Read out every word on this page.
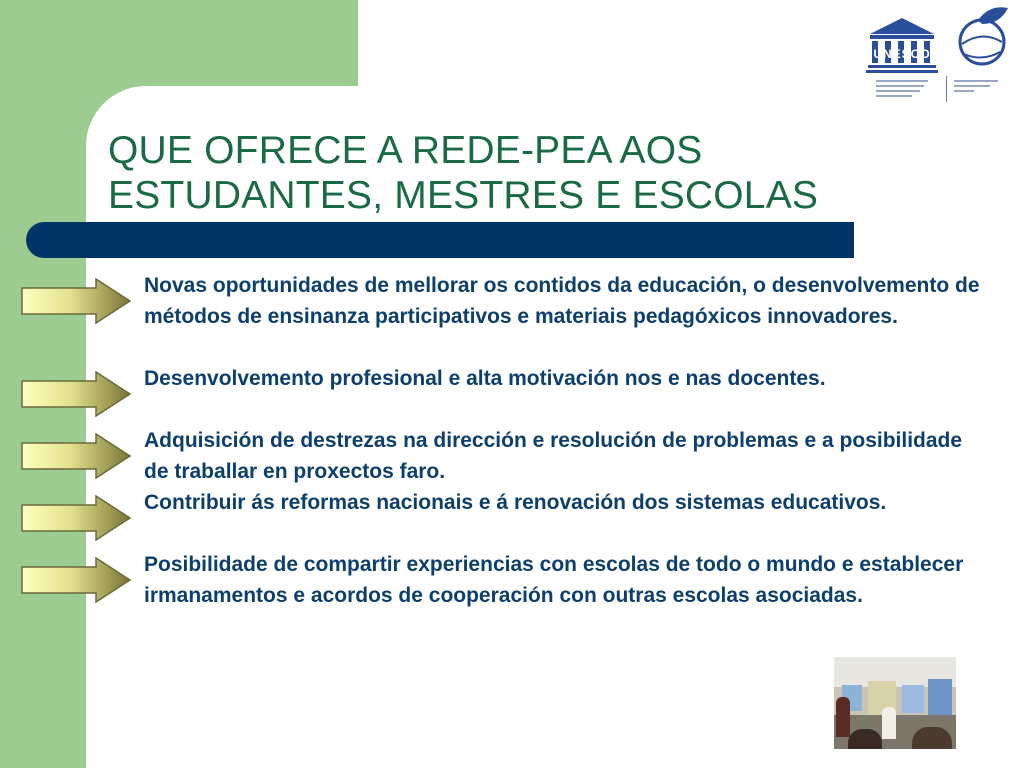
UNESCO
QUE OFRECE A REDE-PEA AOS
ESTUDANTES, MESTRES E ESCOLAS
Novas oportunidades de mellorar os contidos da educación, o desenvolvemento de métodos de ensinanza participativos e materiais pedagóxicos innovadores.
Desenvolvemento profesional e alta motivación nos e nas docentes.
Adquisición de destrezas na dirección e resolución de problemas e a posibilidade de traballar en proxectos faro.
Contribuir ás reformas nacionais e á renovación dos sistemas educativos.
Posibilidade de compartir experiencias con escolas de todo o mundo e establecer irmanamentos e acordos de cooperación con outras escolas asociadas.
